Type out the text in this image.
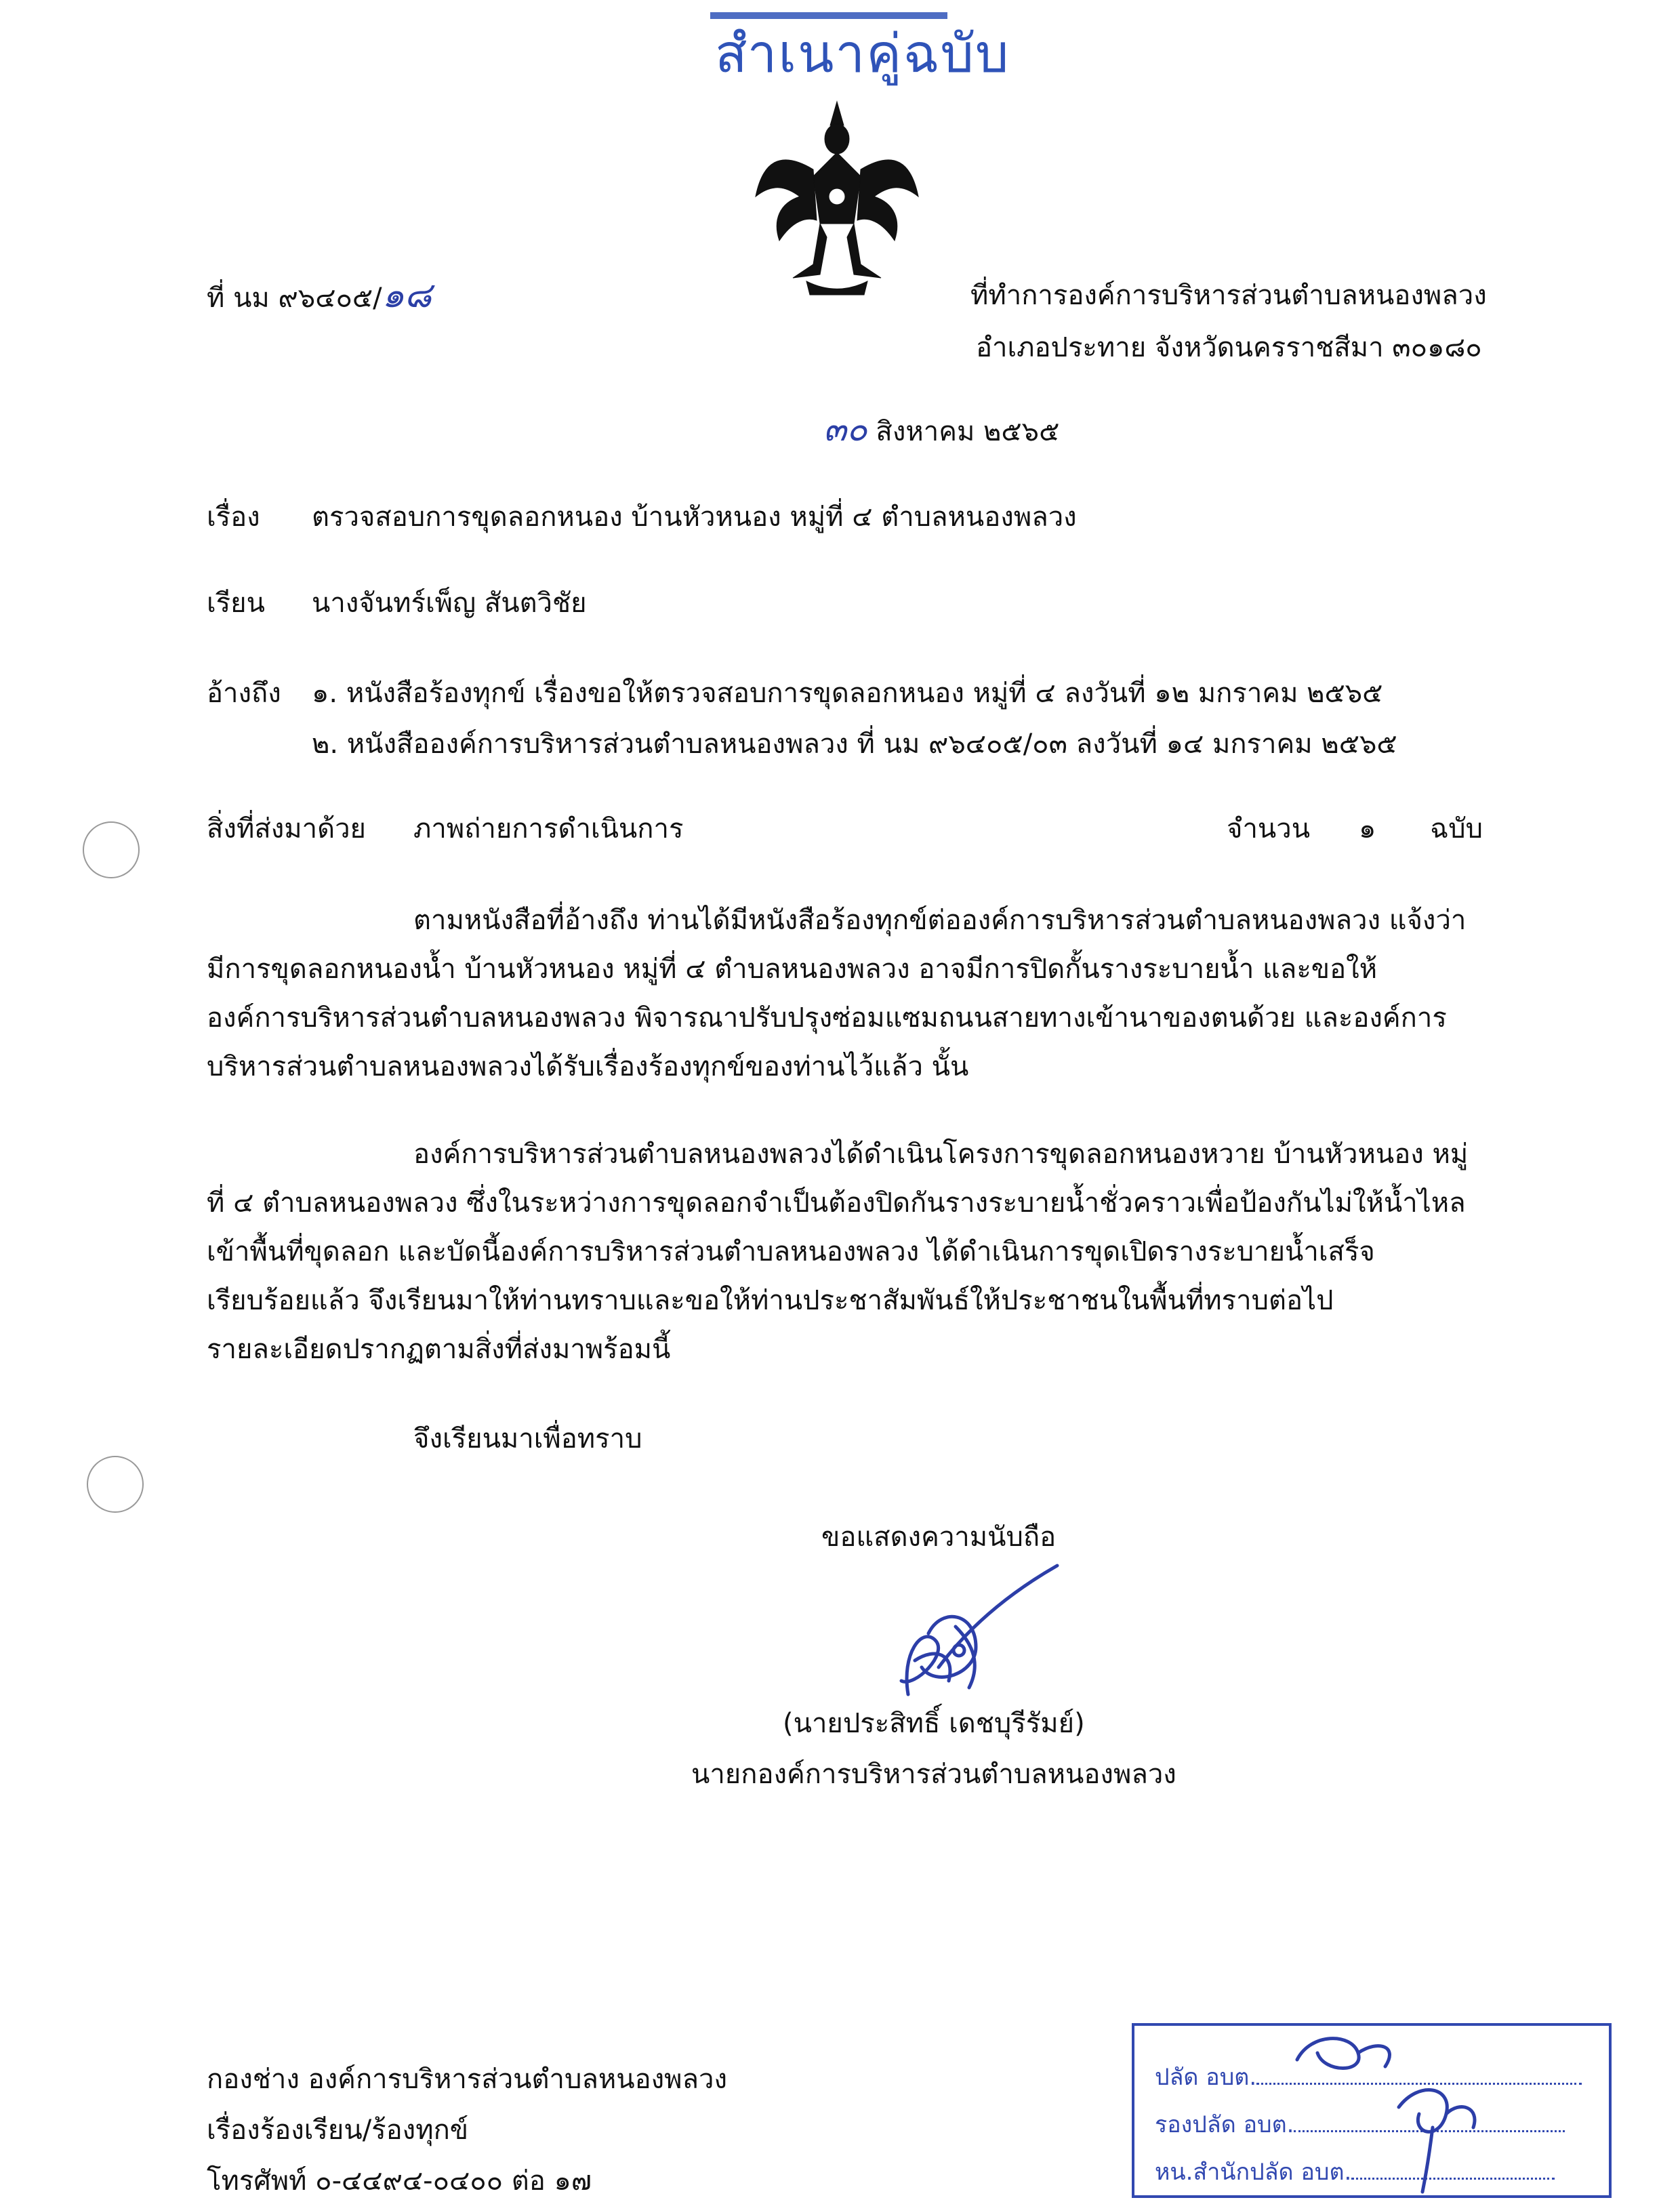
สำเนาคู่ฉบับ
ที่ นม ๙๖๔๐๕/๑๘	ที่ทำการองค์การบริหารส่วนตำบลหนองพลวง
อำเภอประทาย จังหวัดนครราชสีมา ๓๐๑๘๐
๓๐ สิงหาคม ๒๕๖๕
เรื่อง ตรวจสอบการขุดลอกหนอง บ้านหัวหนอง หมู่ที่ ๔ ตำบลหนองพลวง
เรียน นางจันทร์เพ็ญ สันตวิชัย
อ้างถึง ๑. หนังสือร้องทุกข์ เรื่องขอให้ตรวจสอบการขุดลอกหนอง หมู่ที่ ๔ ลงวันที่ ๑๒ มกราคม ๒๕๖๕
๒. หนังสือองค์การบริหารส่วนตำบลหนองพลวง ที่ นม ๙๖๔๐๕/๐๓ ลงวันที่ ๑๔ มกราคม ๒๕๖๕
สิ่งที่ส่งมาด้วย ภาพถ่ายการดำเนินการ	จำนวน ๑ ฉบับ
ตามหนังสือที่อ้างถึง ท่านได้มีหนังสือร้องทุกข์ต่อองค์การบริหารส่วนตำบลหนองพลวง แจ้งว่า
มีการขุดลอกหนองน้ำ บ้านหัวหนอง หมู่ที่ ๔ ตำบลหนองพลวง อาจมีการปิดกั้นรางระบายน้ำ และขอให้
องค์การบริหารส่วนตำบลหนองพลวง พิจารณาปรับปรุงซ่อมแซมถนนสายทางเข้านาของตนด้วย และองค์การ
บริหารส่วนตำบลหนองพลวงได้รับเรื่องร้องทุกข์ของท่านไว้แล้ว นั้น
องค์การบริหารส่วนตำบลหนองพลวงได้ดำเนินโครงการขุดลอกหนองหวาย บ้านหัวหนอง หมู่
ที่ ๔ ตำบลหนองพลวง ซึ่งในระหว่างการขุดลอกจำเป็นต้องปิดกันรางระบายน้ำชั่วคราวเพื่อป้องกันไม่ให้น้ำไหล
เข้าพื้นที่ขุดลอก และบัดนี้องค์การบริหารส่วนตำบลหนองพลวง ได้ดำเนินการขุดเปิดรางระบายน้ำเสร็จ
เรียบร้อยแล้ว จึงเรียนมาให้ท่านทราบและขอให้ท่านประชาสัมพันธ์ให้ประชาชนในพื้นที่ทราบต่อไป
รายละเอียดปรากฏตามสิ่งที่ส่งมาพร้อมนี้
จึงเรียนมาเพื่อทราบ
ขอแสดงความนับถือ
(นายประสิทธิ์ เดชบุรีรัมย์)
นายกองค์การบริหารส่วนตำบลหนองพลวง
กองช่าง องค์การบริหารส่วนตำบลหนองพลวง
เรื่องร้องเรียน/ร้องทุกข์
โทรศัพท์ ๐-๔๔๙๔-๐๔๐๐ ต่อ ๑๗
ปลัด อบต.
รองปลัด อบต.
หน.สำนักปลัด อบต.
